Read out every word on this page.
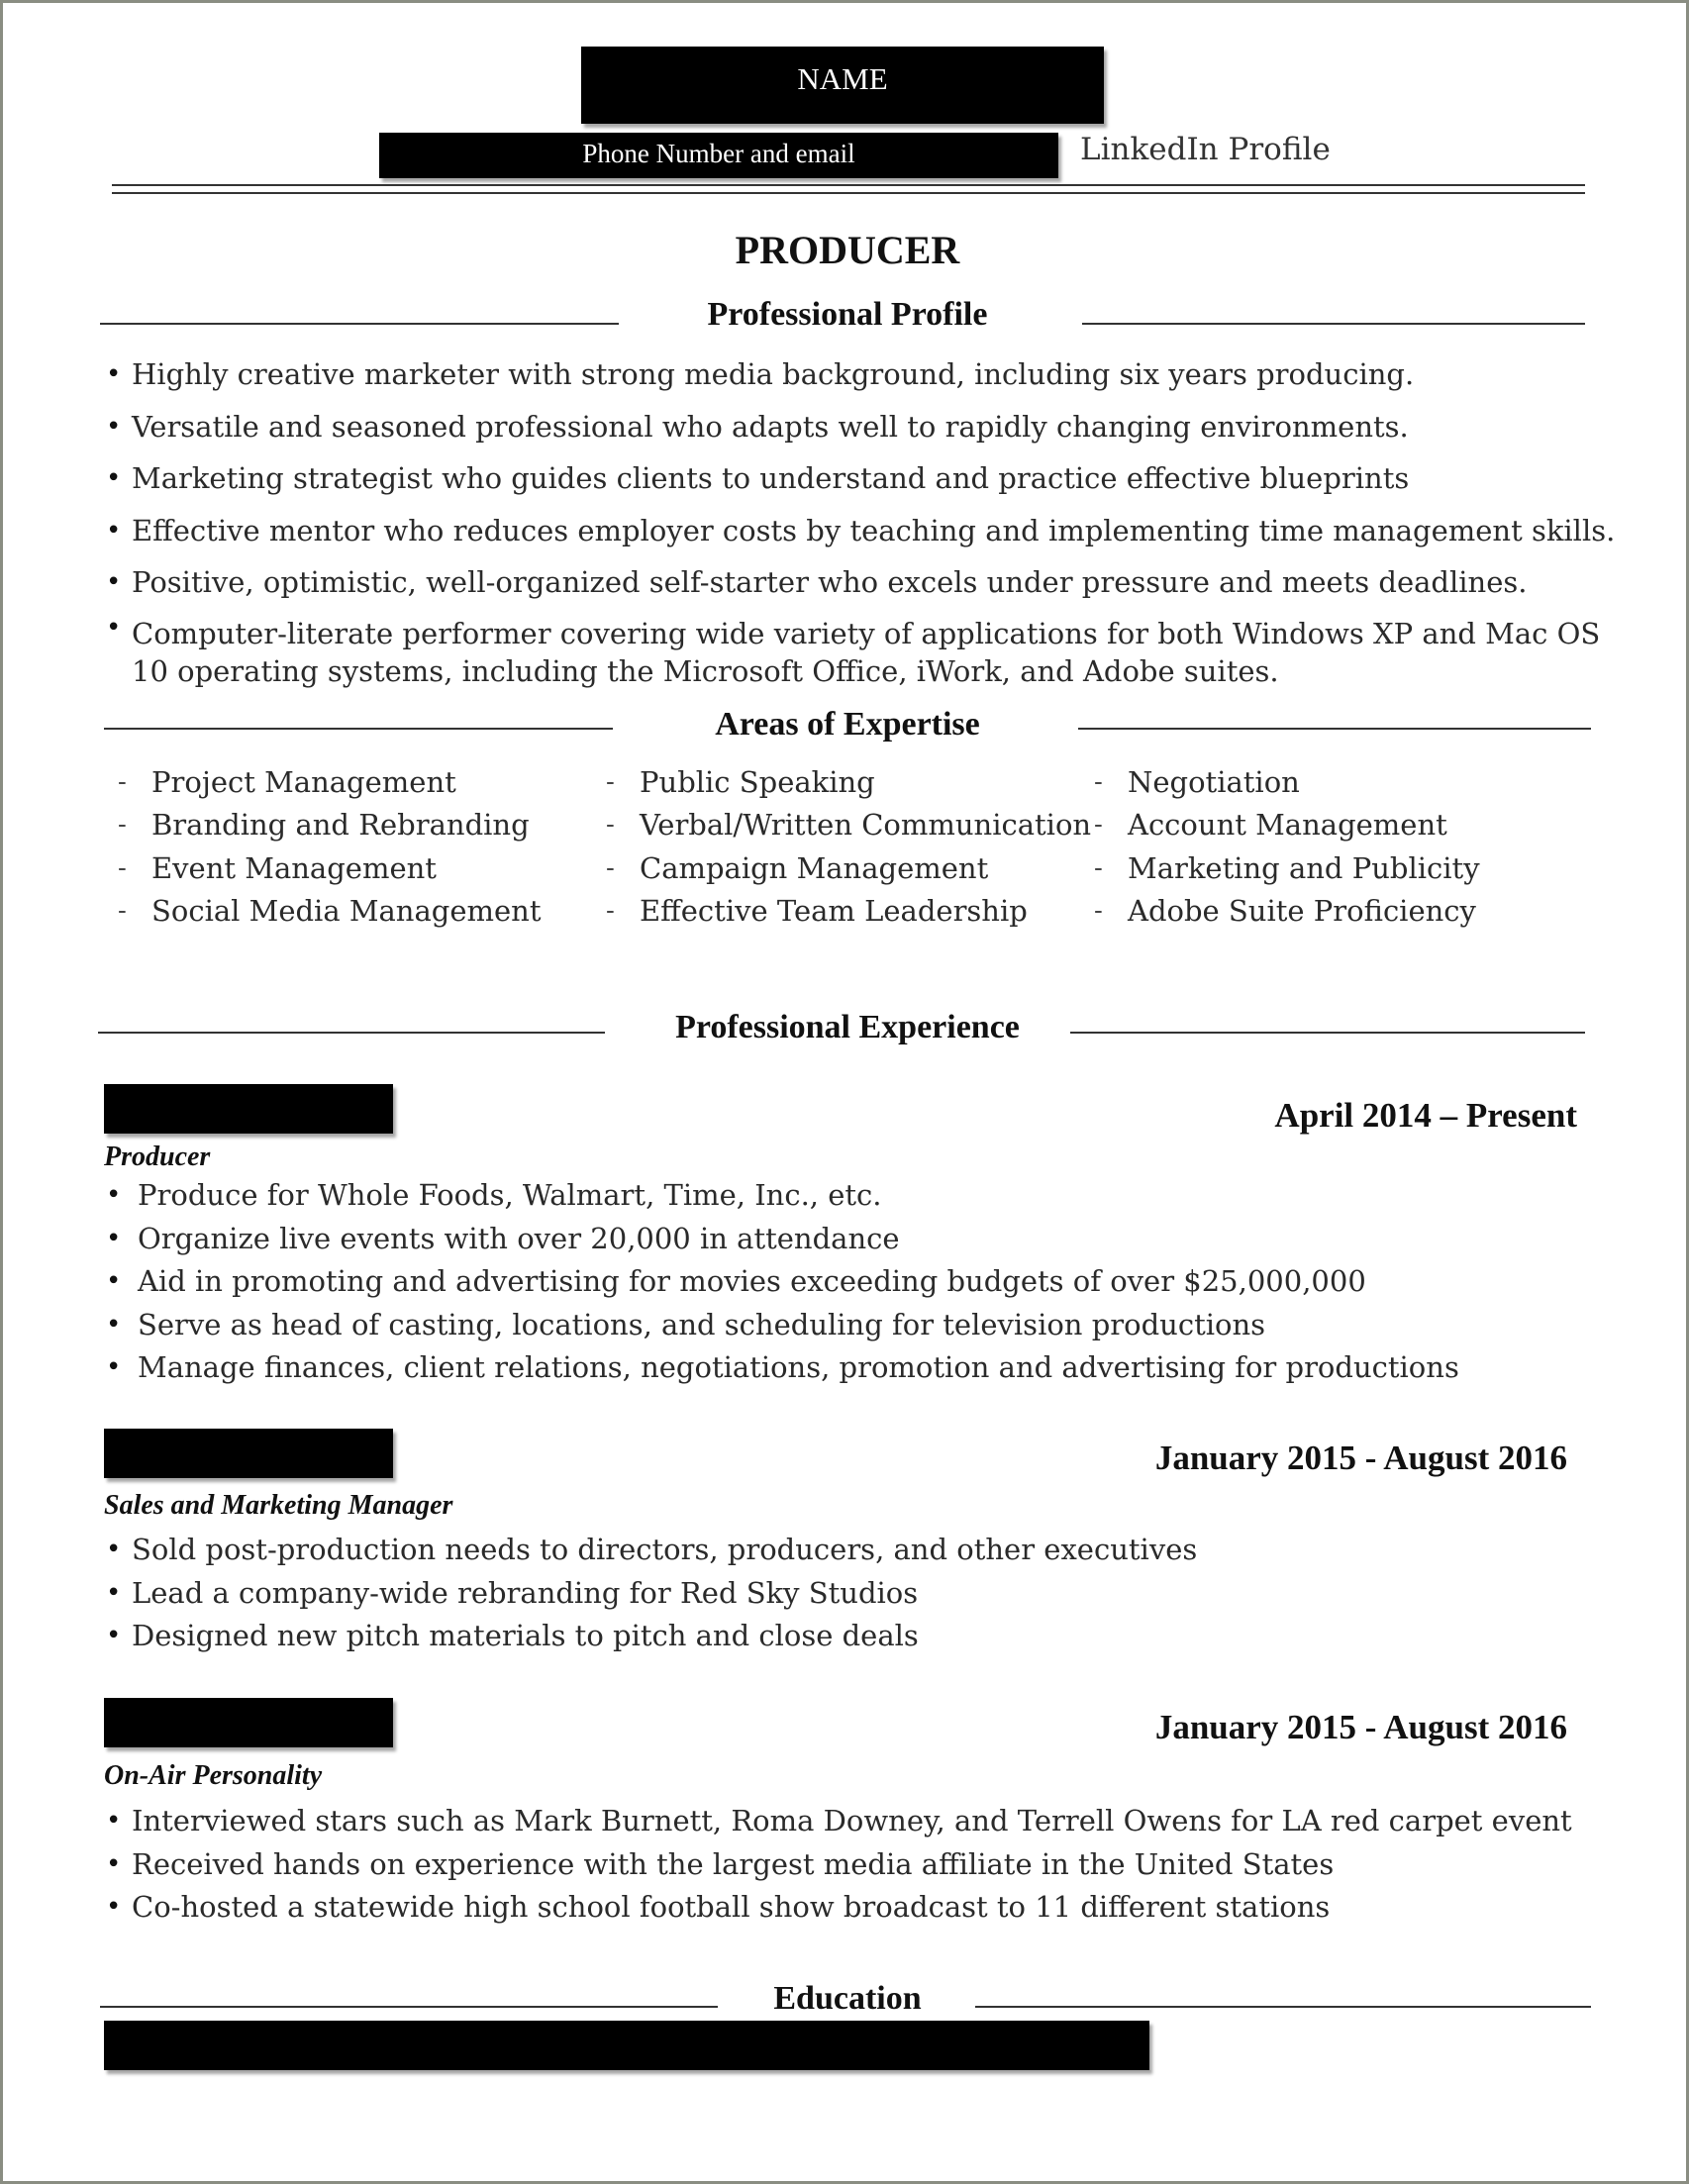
NAME
Phone Number and email	LinkedIn Profile
PRODUCER
Professional Profile
• Highly creative marketer with strong media background, including six years producing.
• Versatile and seasoned professional who adapts well to rapidly changing environments.
• Marketing strategist who guides clients to understand and practice effective blueprints
• Effective mentor who reduces employer costs by teaching and implementing time management skills.
• Positive, optimistic, well-organized self-starter who excels under pressure and meets deadlines.
• Computer-literate performer covering wide variety of applications for both Windows XP and Mac OS 10 operating systems, including the Microsoft Office, iWork, and Adobe suites.
Areas of Expertise
- Project Management
- Branding and Rebranding
- Event Management
- Social Media Management
- Public Speaking
- Verbal/Written Communication
- Campaign Management
- Effective Team Leadership
- Negotiation
- Account Management
- Marketing and Publicity
- Adobe Suite Proficiency
Professional Experience
April 2014 – Present
Producer
• Produce for Whole Foods, Walmart, Time, Inc., etc.
• Organize live events with over 20,000 in attendance
• Aid in promoting and advertising for movies exceeding budgets of over $25,000,000
• Serve as head of casting, locations, and scheduling for television productions
• Manage finances, client relations, negotiations, promotion and advertising for productions
January 2015 - August 2016
Sales and Marketing Manager
• Sold post-production needs to directors, producers, and other executives
• Lead a company-wide rebranding for Red Sky Studios
• Designed new pitch materials to pitch and close deals
January 2015 - August 2016
On-Air Personality
• Interviewed stars such as Mark Burnett, Roma Downey, and Terrell Owens for LA red carpet event
• Received hands on experience with the largest media affiliate in the United States
• Co-hosted a statewide high school football show broadcast to 11 different stations
Education
